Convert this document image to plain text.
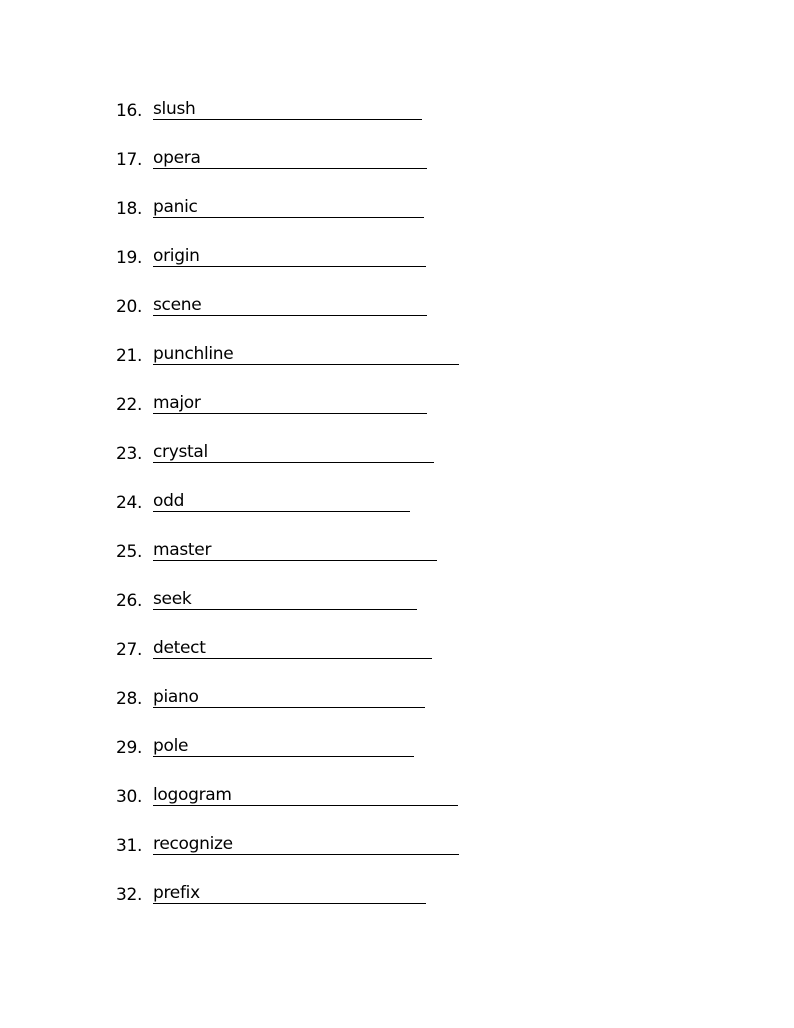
16. slush
17. opera
18. panic
19. origin
20. scene
21. punchline
22. major
23. crystal
24. odd
25. master
26. seek
27. detect
28. piano
29. pole
30. logogram
31. recognize
32. prefix
